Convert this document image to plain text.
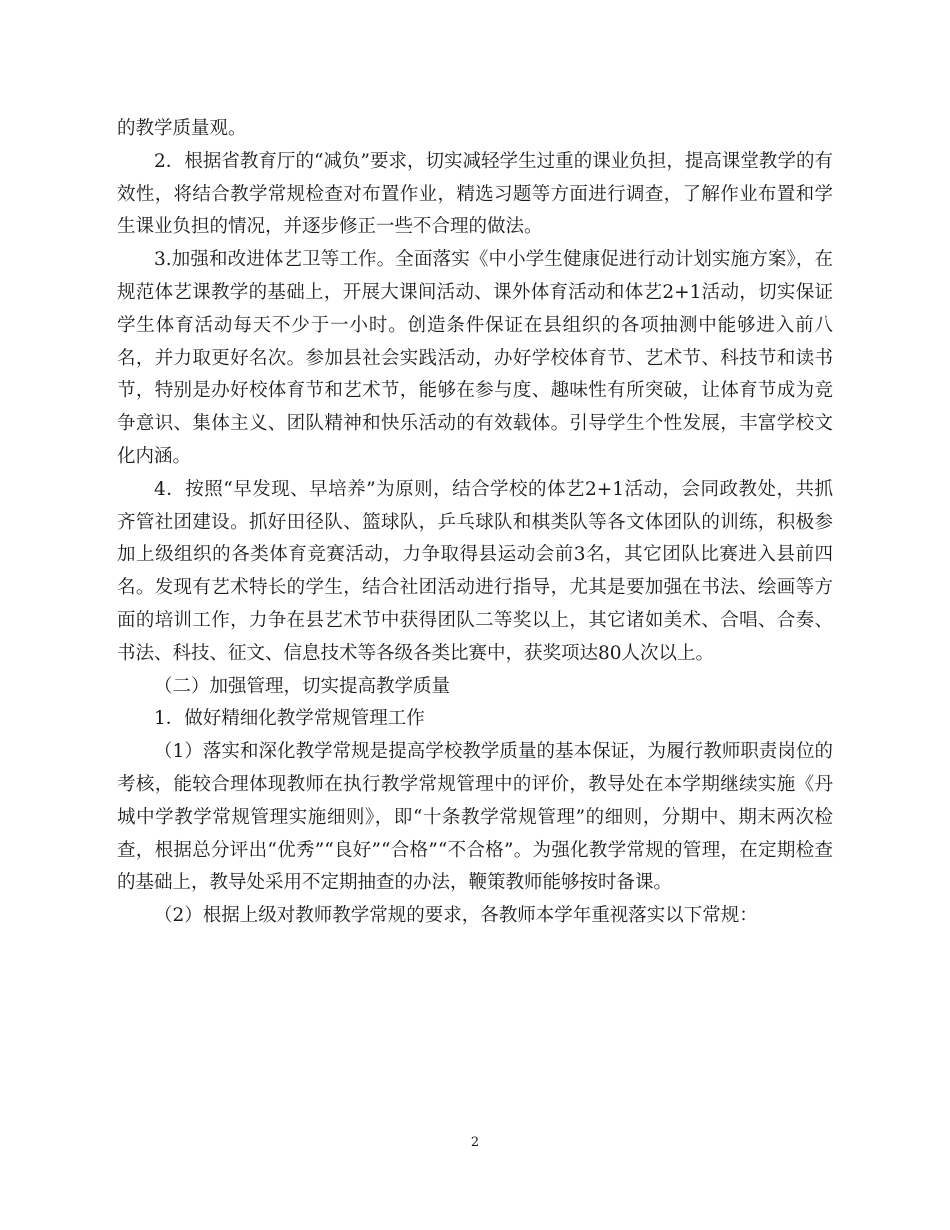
的教学质量观。

2．根据省教育厅的“减负”要求，切实减轻学生过重的课业负担，提高课堂教学的有效性，将结合教学常规检查对布置作业，精选习题等方面进行调查，了解作业布置和学生课业负担的情况，并逐步修正一些不合理的做法。

3.加强和改进体艺卫等工作。全面落实《中小学生健康促进行动计划实施方案》，在规范体艺课教学的基础上，开展大课间活动、课外体育活动和体艺2+1活动，切实保证学生体育活动每天不少于一小时。创造条件保证在县组织的各项抽测中能够进入前八名，并力取更好名次。参加县社会实践活动，办好学校体育节、艺术节、科技节和读书节，特别是办好校体育节和艺术节，能够在参与度、趣味性有所突破，让体育节成为竞争意识、集体主义、团队精神和快乐活动的有效载体。引导学生个性发展，丰富学校文化内涵。

4．按照“早发现、早培养”为原则，结合学校的体艺2+1活动，会同政教处，共抓齐管社团建设。抓好田径队、篮球队，乒乓球队和棋类队等各文体团队的训练，积极参加上级组织的各类体育竞赛活动，力争取得县运动会前3名，其它团队比赛进入县前四名。发现有艺术特长的学生，结合社团活动进行指导，尤其是要加强在书法、绘画等方面的培训工作，力争在县艺术节中获得团队二等奖以上，其它诸如美术、合唱、合奏、书法、科技、征文、信息技术等各级各类比赛中，获奖项达80人次以上。

（二）加强管理，切实提高教学质量

1．做好精细化教学常规管理工作

（1）落实和深化教学常规是提高学校教学质量的基本保证，为履行教师职责岗位的考核，能较合理体现教师在执行教学常规管理中的评价，教导处在本学期继续实施《丹城中学教学常规管理实施细则》，即“十条教学常规管理”的细则，分期中、期末两次检查，根据总分评出“优秀”“良好”“合格”“不合格”。为强化教学常规的管理，在定期检查的基础上，教导处采用不定期抽查的办法，鞭策教师能够按时备课。

（2）根据上级对教师教学常规的要求，各教师本学年重视落实以下常规：

2
